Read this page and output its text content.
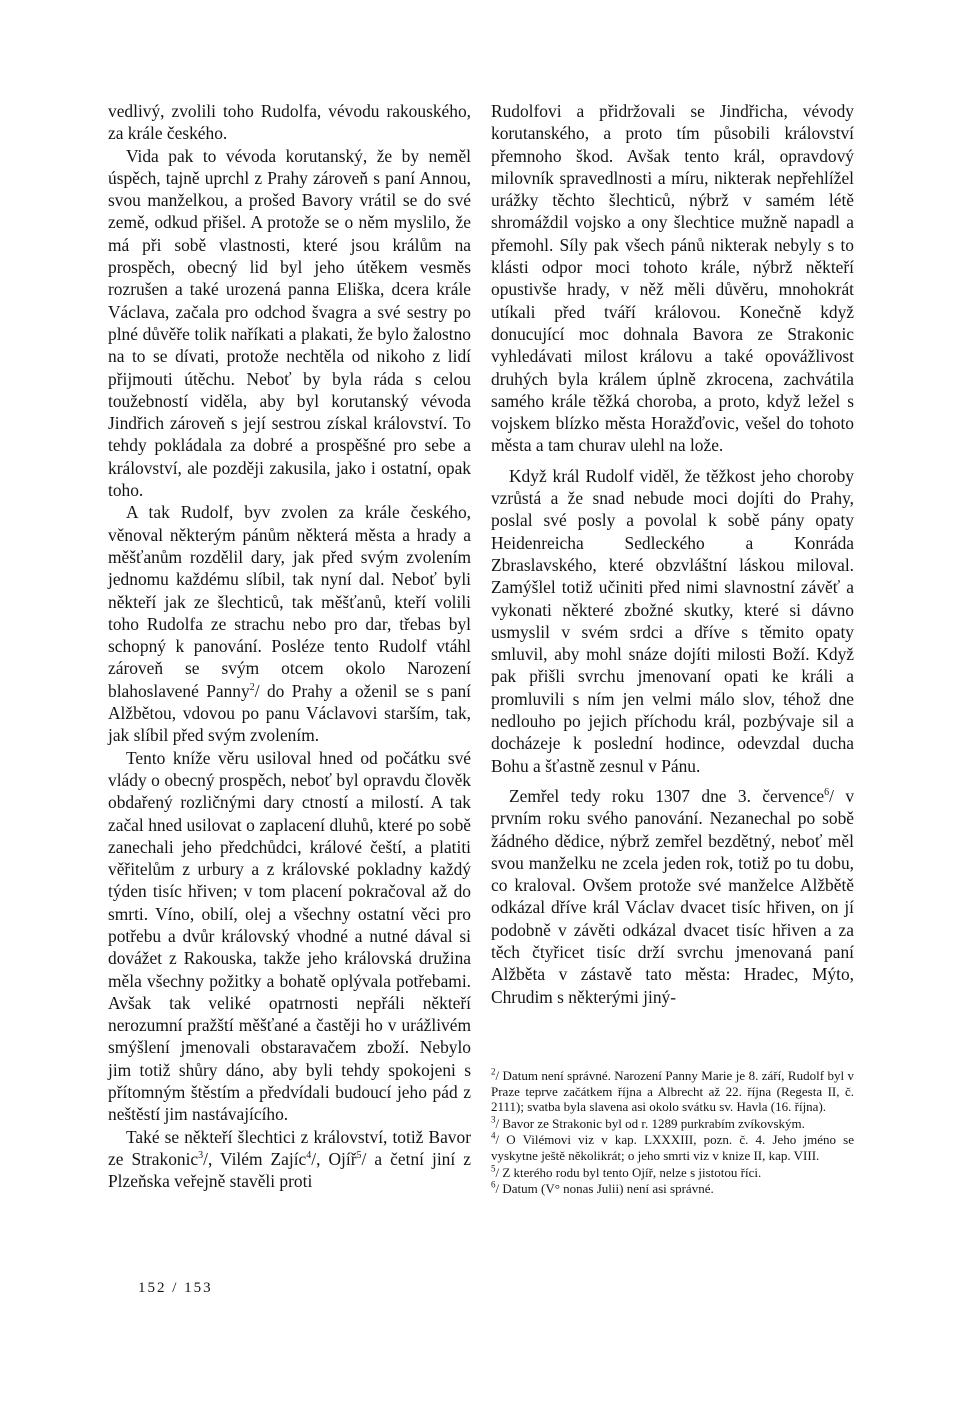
vedlivý, zvolili toho Rudolfa, vévodu rakouského, za krále českého.

Vida pak to vévoda korutanský, že by neměl úspěch, tajně uprchl z Prahy zároveň s paní Annou, svou manželkou, a prošed Bavory vrátil se do své země, odkud přišel. A protože se o něm myslilo, že má při sobě vlastnosti, které jsou králům na prospěch, obecný lid byl jeho útěkem vesměs rozrušen a také urozená panna Eliška, dcera krále Václava, začala pro odchod švagra a své sestry po plné důvěře tolik naříkati a plakati, že bylo žalostno na to se dívati, protože nechtěla od nikoho z lidí přijmouti útěchu. Neboť by byla ráda s celou toužebností viděla, aby byl korutanský vévoda Jindřich zároveň s její sestrou získal království. To tehdy pokládala za dobré a prospěšné pro sebe a království, ale později zakusila, jako i ostatní, opak toho.

A tak Rudolf, byv zvolen za krále českého, věnoval některým pánům některá města a hrady a měšťanům rozdělil dary, jak před svým zvolením jednomu každému slíbil, tak nyní dal. Neboť byli někteří jak ze šlechticů, tak měšťanů, kteří volili toho Rudolfa ze strachu nebo pro dar, třebas byl schopný k panování. Posléze tento Rudolf vtáhl zároveň se svým otcem okolo Narození blahoslavené Panny$^2$/ do Prahy a oženil se s paní Alžbětou, vdovou po panu Václavovi starším, tak, jak slíbil před svým zvolením.

Tento kníže věru usiloval hned od počátku své vlády o obecný prospěch, neboť byl opravdu člověk obdařený rozličnými dary ctností a milostí. A tak začal hned usilovat o zaplacení dluhů, které po sobě zanechali jeho předchůdci, králové čeští, a platiti věřitelům z urbury a z královské pokladny každý týden tisíc hřiven; v tom placení pokračoval až do smrti. Víno, obilí, olej a všechny ostatní věci pro potřebu a dvůr královský vhodné a nutné dával si dovážet z Rakouska, takže jeho královská družina měla všechny požitky a bohatě oplývala potřebami. Avšak tak veliké opatrnosti nepřáli někteří nerozumní pražští měšťané a častěji ho v urážlivém smýšlení jmenovali obstaravačem zboží. Nebylo jim totiž shůry dáno, aby byli tehdy spokojeni s přítomným štěstím a předvídali budoucí jeho pád z neštěstí jim nastávajícího.

Také se někteří šlechtici z království, totiž Bavor ze Strakonic$^3$/, Vilém Zajíc$^4$/, Ojíř$^5$/ a četní jiní z Plzeňska veřejně stavěli proti

Rudolfovi a přidržovali se Jindřicha, vévody korutanského, a proto tím působili království přemnoho škod. Avšak tento král, opravdový milovník spravedlnosti a míru, nikterak nepřehlížel urážky těchto šlechticů, nýbrž v samém létě shromáždil vojsko a ony šlechtice mužně napadl a přemohl. Síly pak všech pánů nikterak nebyly s to klásti odpor moci tohoto krále, nýbrž někteří opustivše hrady, v něž měli důvěru, mnohokrát utíkali před tváří královou. Konečně když donucující moc dohnala Bavora ze Strakonic vyhledávati milost královu a také opovážlivost druhých byla králem úplně zkrocena, zachvátila samého krále těžká choroba, a proto, když ležel s vojskem blízko města Horažďovic, vešel do tohoto města a tam churav ulehl na lože.

Když král Rudolf viděl, že těžkost jeho choroby vzrůstá a že snad nebude moci dojíti do Prahy, poslal své posly a povolal k sobě pány opaty Heidenreicha Sedleckého a Konráda Zbraslavského, které obzvláštní láskou miloval. Zamýšlel totiž učiniti před nimi slavnostní závěť a vykonati některé zbožné skutky, které si dávno usmyslil v svém srdci a dříve s těmito opaty smluvil, aby mohl snáze dojíti milosti Boží. Když pak přišli svrchu jmenovaní opati ke králi a promluvili s ním jen velmi málo slov, téhož dne nedlouho po jejich příchodu král, pozbývaje sil a docházeje k poslední hodince, odevzdal ducha Bohu a šťastně zesnul v Pánu.

Zemřel tedy roku 1307 dne 3. července$^6$/ v prvním roku svého panování. Nezanechal po sobě žádného dědice, nýbrž zemřel bezdětný, neboť měl svou manželku ne zcela jeden rok, totiž po tu dobu, co kraloval. Ovšem protože své manželce Alžbětě odkázal dříve král Václav dvacet tisíc hřiven, on jí podobně v závěti odkázal dvacet tisíc hřiven a za těch čtyřicet tisíc drží svrchu jmenovaná paní Alžběta v zástavě tato města: Hradec, Mýto, Chrudim s některými jiný-

$^2$/ Datum není správné. Narození Panny Marie je 8. září, Rudolf byl v Praze teprve začátkem října a Albrecht až 22. října (Regesta II, č. 2111); svatba byla slavena asi okolo svátku sv. Havla (16. října).

$^3$/ Bavor ze Strakonic byl od r. 1289 purkrabím zvíkovským.

$^4$/ O Vilémovi viz v kap. LXXXIII, pozn. č. 4. Jeho jméno se vyskytne ještě několikrát; o jeho smrti viz v knize II, kap. VIII.

$^5$/ Z kterého rodu byl tento Ojíř, nelze s jistotou říci.

$^6$/ Datum (V° nonas Julii) není asi správné.

152 / 153
